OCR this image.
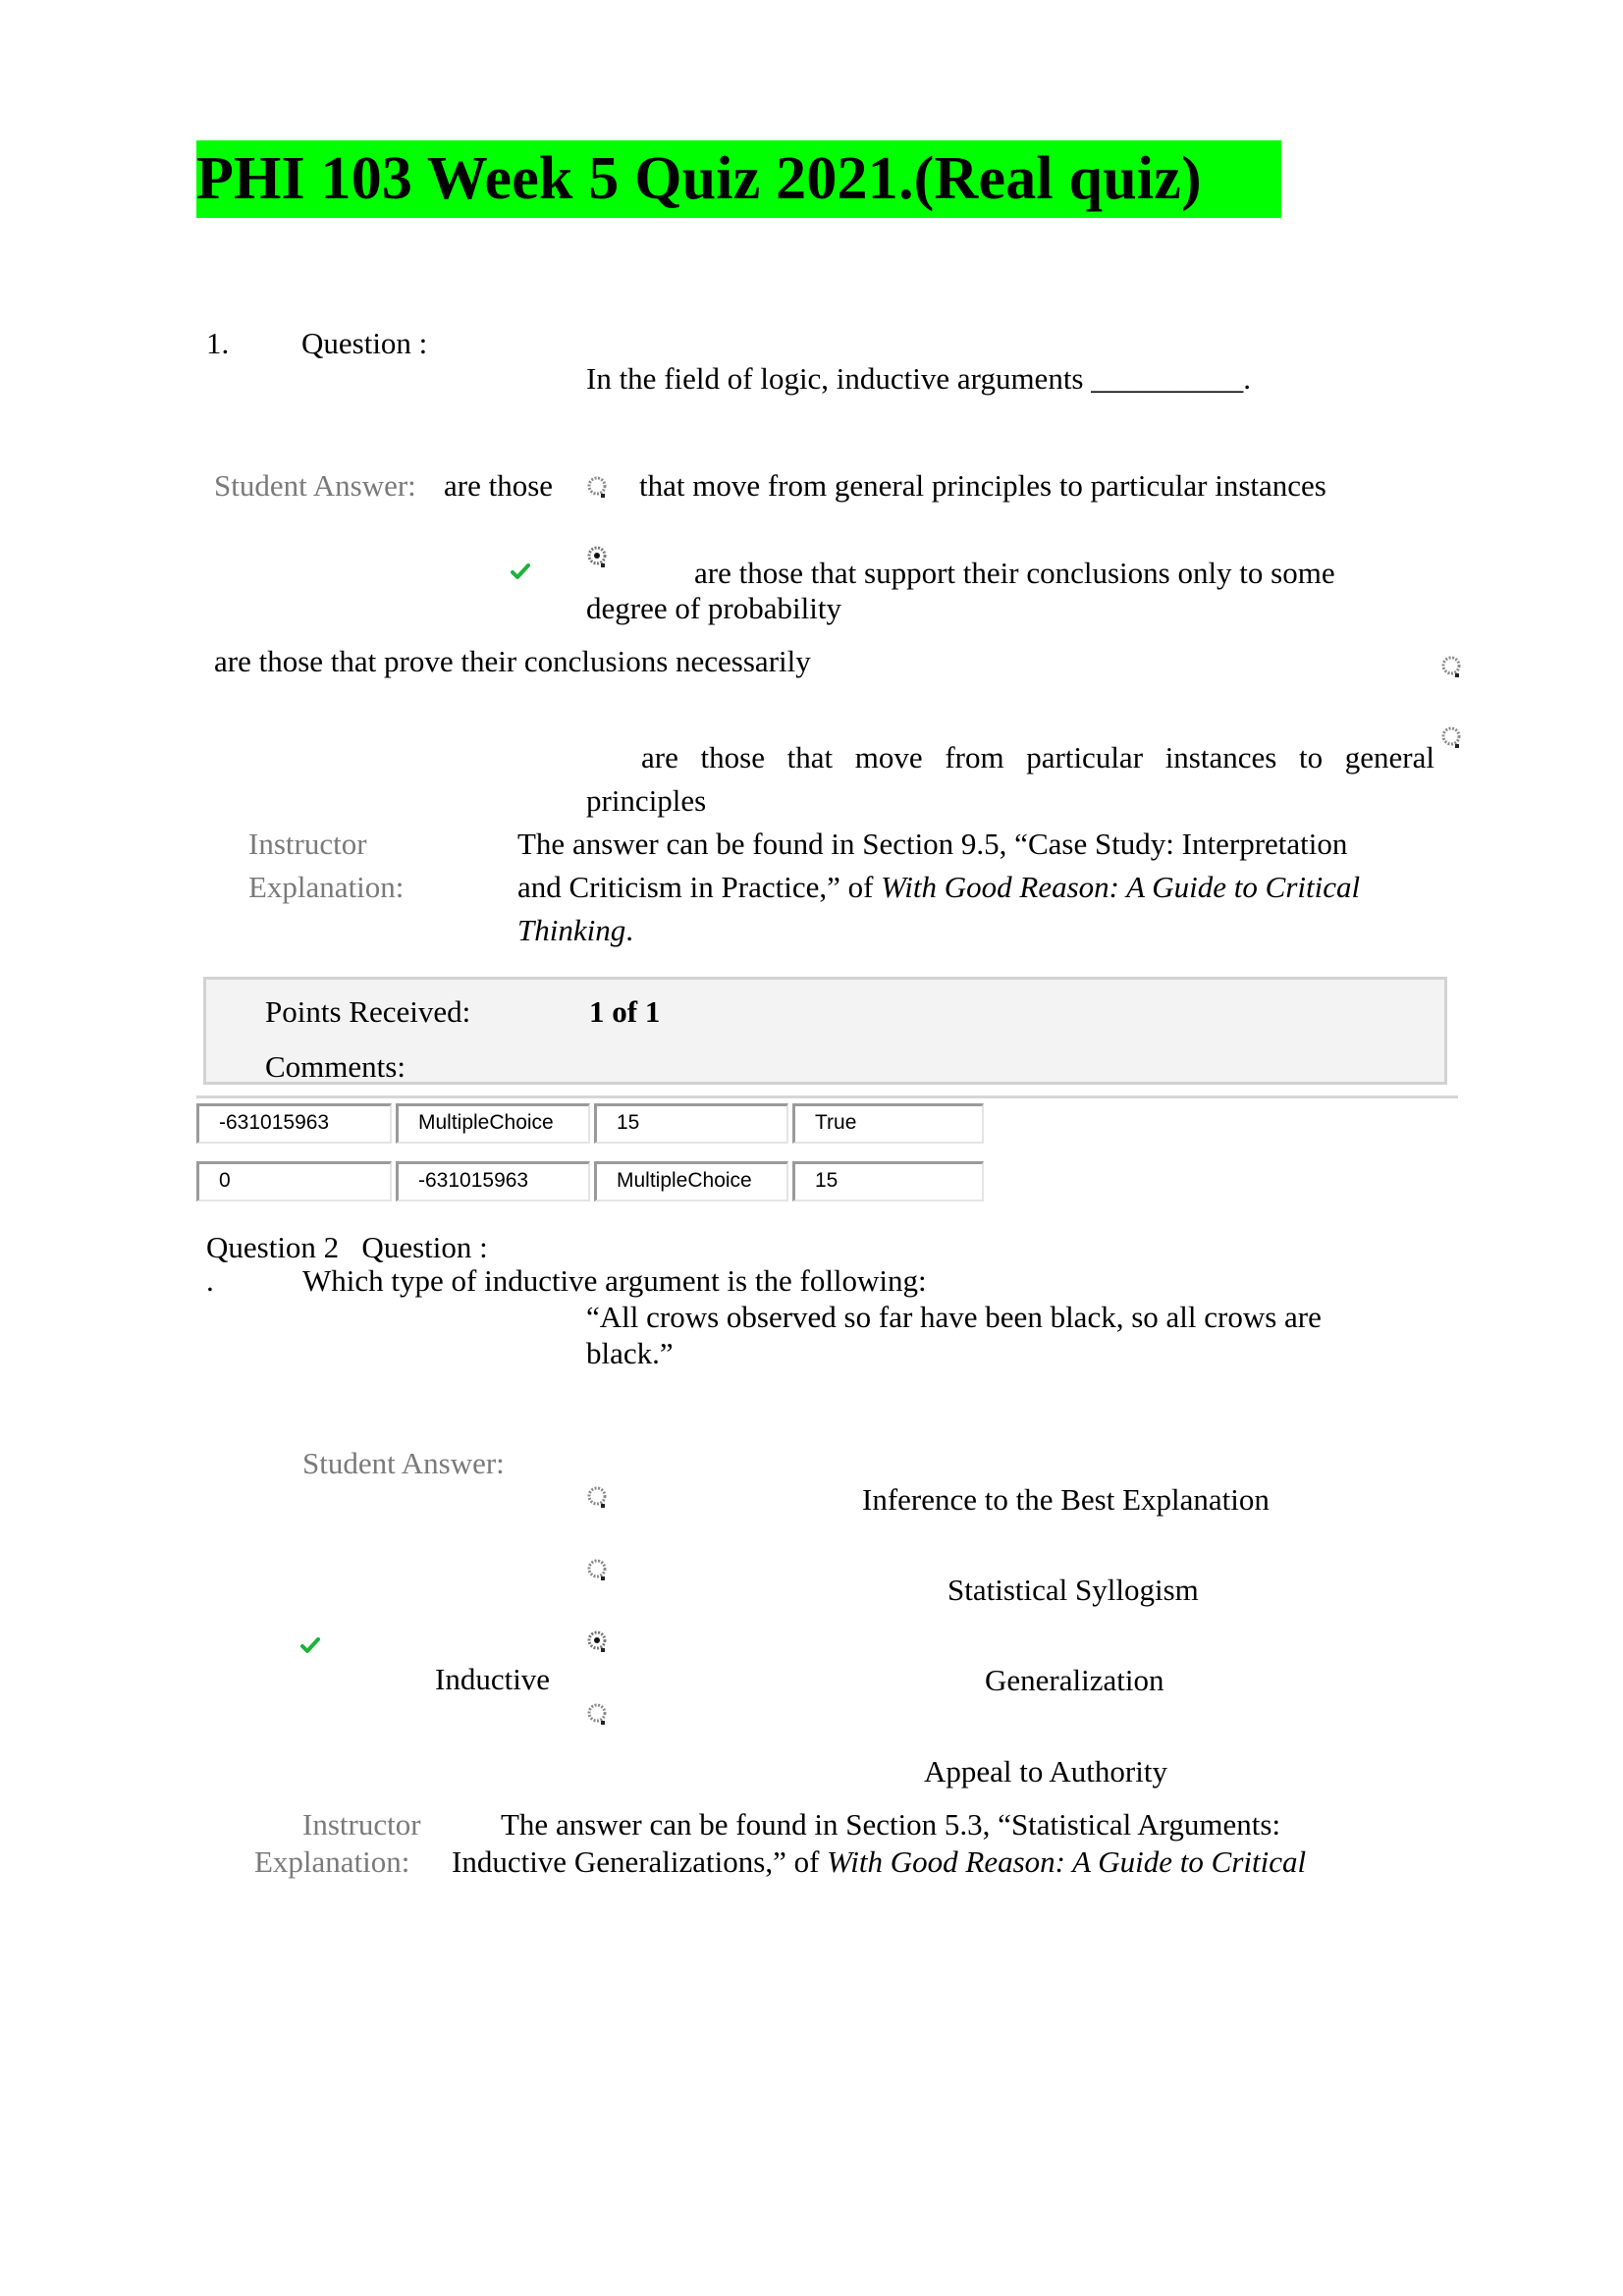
PHI 103 Week 5 Quiz 2021.(Real quiz)
1. Question :
In the field of logic, inductive arguments __________.
Student Answer: are those	that move from general principles to particular instances
are those that support their conclusions only to some
degree of probability
are those that prove their conclusions necessarily
are those that move from particular instances to general
principles
Instructor
Explanation:
The answer can be found in Section 9.5, “Case Study: Interpretation
and Criticism in Practice,” of With Good Reason: A Guide to Critical
Thinking.
Points Received:	1 of 1
Comments:
-631015963	MultipleChoice	15	True
0	-631015963	MultipleChoice	15
Question 2   Question :
.	Which type of inductive argument is the following:
“All crows observed so far have been black, so all crows are
black.”
Student Answer:
Inference to the Best Explanation
Statistical Syllogism
Inductive	Generalization
Appeal to Authority
Instructor
Explanation:
The answer can be found in Section 5.3, “Statistical Arguments:
Inductive Generalizations,” of With Good Reason: A Guide to Critical
